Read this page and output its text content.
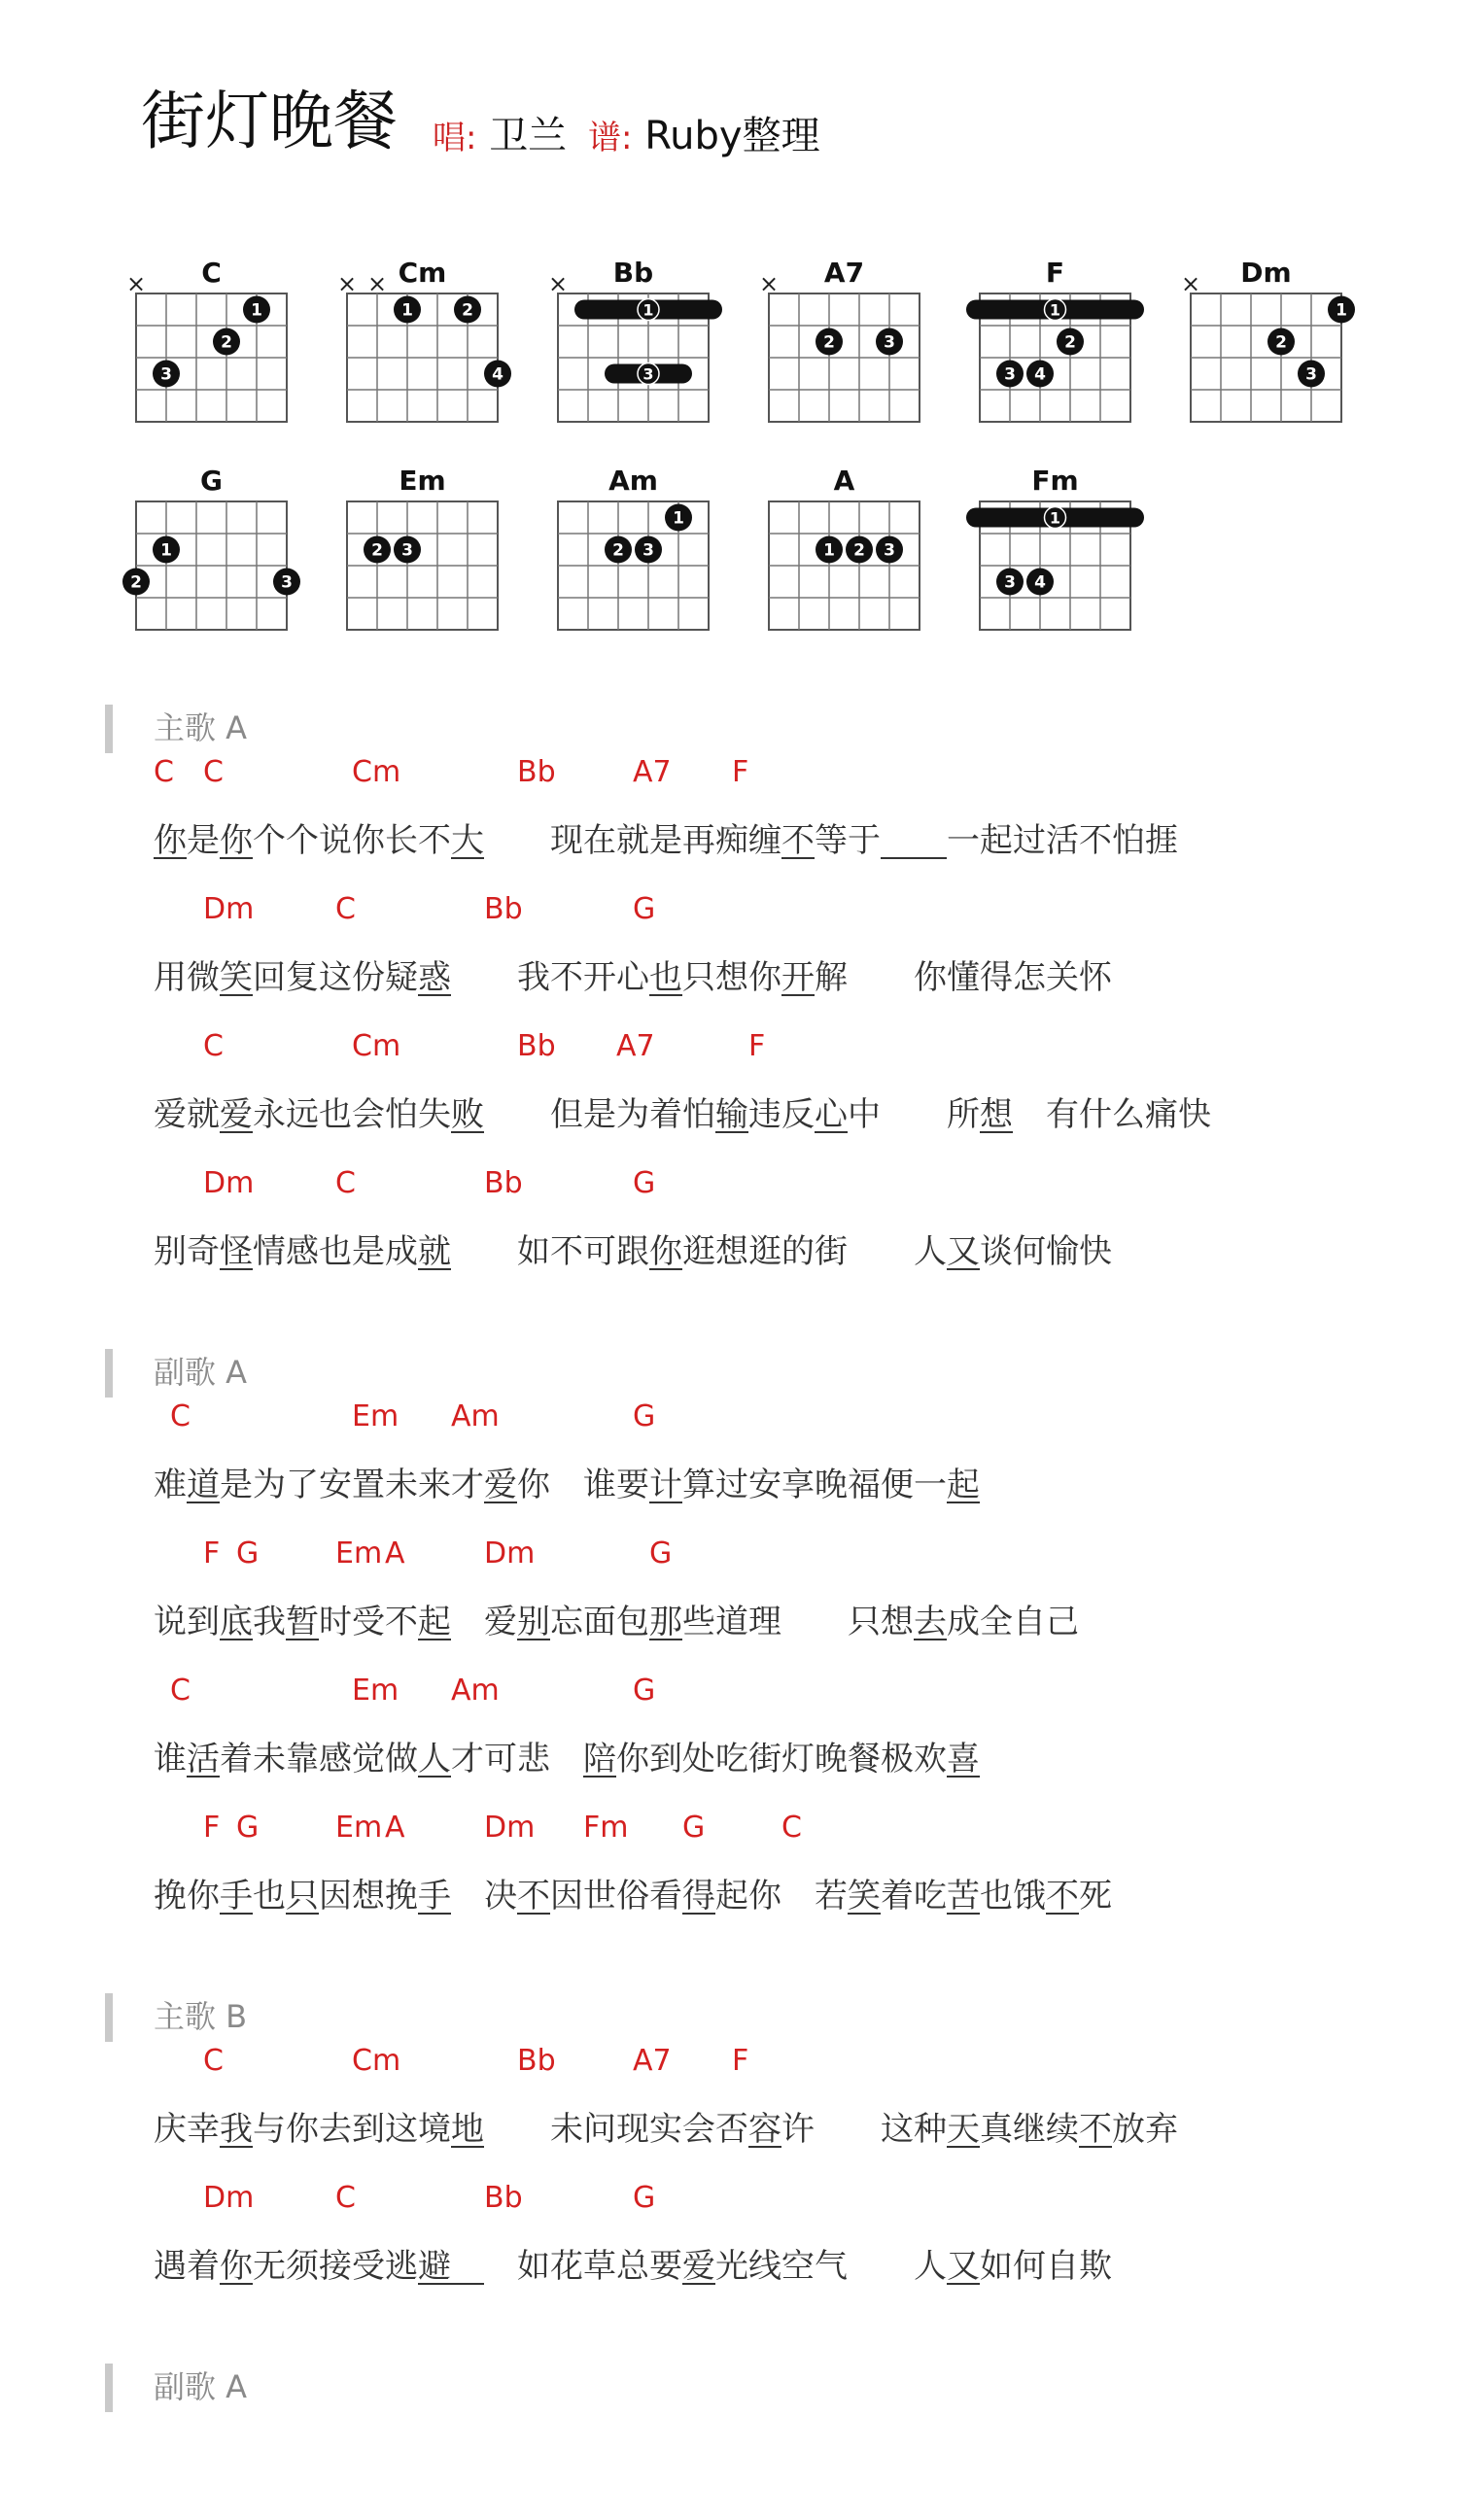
街灯晚餐 唱: 卫兰 谱: Ruby整理
C
×
1
2
3
Cm
× ×
1	2
4
Bb
×
1
3
A7
×
2	3
F
1
2
3 4
Dm
×
1
2
3
G
1
2	3
Em
2 3
Am
1
2 3
A
1 2 3
Fm
1
3 4
主歌 A
C C	Cm	Bb	A7 F
你是你个个说你长不大 现在就是再痴缠不等于 一起过活不怕捱
Dm	C	Bb	G
用微笑回复这份疑惑 我不开心也只想你开解 你懂得怎关怀
C	Cm	Bb A7	F
爱就爱永远也会怕失败 但是为着怕输违反心中 所想 有什么痛快
Dm	C	Bb	G
别奇怪情感也是成就 如不可跟你逛想逛的街 人又谈何愉快
副歌 A
C	Em Am	G
难道是为了安置未来才爱你 谁要计算过安享晚福便一起
F G	Em A	Dm	G
说到底我暂时受不起 爱别忘面包那些道理 只想去成全自己
C	Em Am	G
谁活着未靠感觉做人才可悲 陪你到处吃街灯晚餐极欢喜
F G	Em A	Dm Fm G	C
挽你手也只因想挽手 决不因世俗看得起你 若笑着吃苦也饿不死
主歌 B
C	Cm	Bb	A7 F
庆幸我与你去到这境地 未问现实会否容许 这种天真继续不放弃
Dm	C	Bb	G
遇着你无须接受逃避 如花草总要爱光线空气 人又如何自欺
副歌 A
